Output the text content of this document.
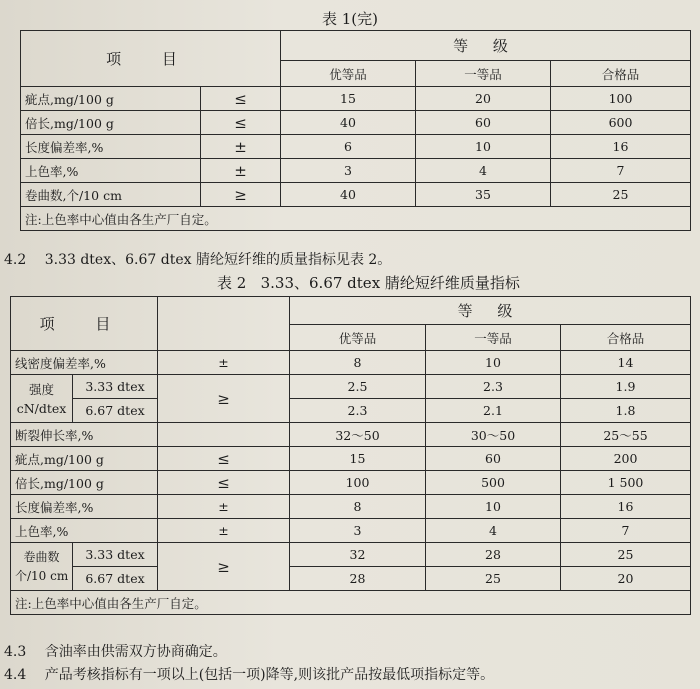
表 1(完)
项 目		等 级		
		优等品	一等品	合格品
疵点,mg/100 g	≤	15	20	100
倍长,mg/100 g	≤	40	60	600
长度偏差率,%	±	6	10	16
上色率,%	±	3	4	7
卷曲数,个/10 cm	≥	40	35	25
注:上色率中心值由各生产厂自定。				
4.2 3.33 dtex、6.67 dtex 腈纶短纤维的质量指标见表 2。
表 2   3.33、6.67 dtex 腈纶短纤维质量指标
项 目			等 级		
			优等品	一等品	合格品
线密度偏差率,%		±	8	10	14
强度
cN/dtex	3.33 dtex	≥	2.5	2.3	1.9
	6.67 dtex		2.3	2.1	1.8
断裂伸长率,%			32～50	30～50	25～55
疵点,mg/100 g		≤	15	60	200
倍长,mg/100 g		≤	100	500	1 500
长度偏差率,%		±	8	10	16
上色率,%		±	3	4	7
卷曲数
个/10 cm	3.33 dtex	≥	32	28	25
	6.67 dtex		28	25	20
注:上色率中心值由各生产厂自定。					
4.3 含油率由供需双方协商确定。
4.4 产品考核指标有一项以上(包括一项)降等,则该批产品按最低项指标定等。
